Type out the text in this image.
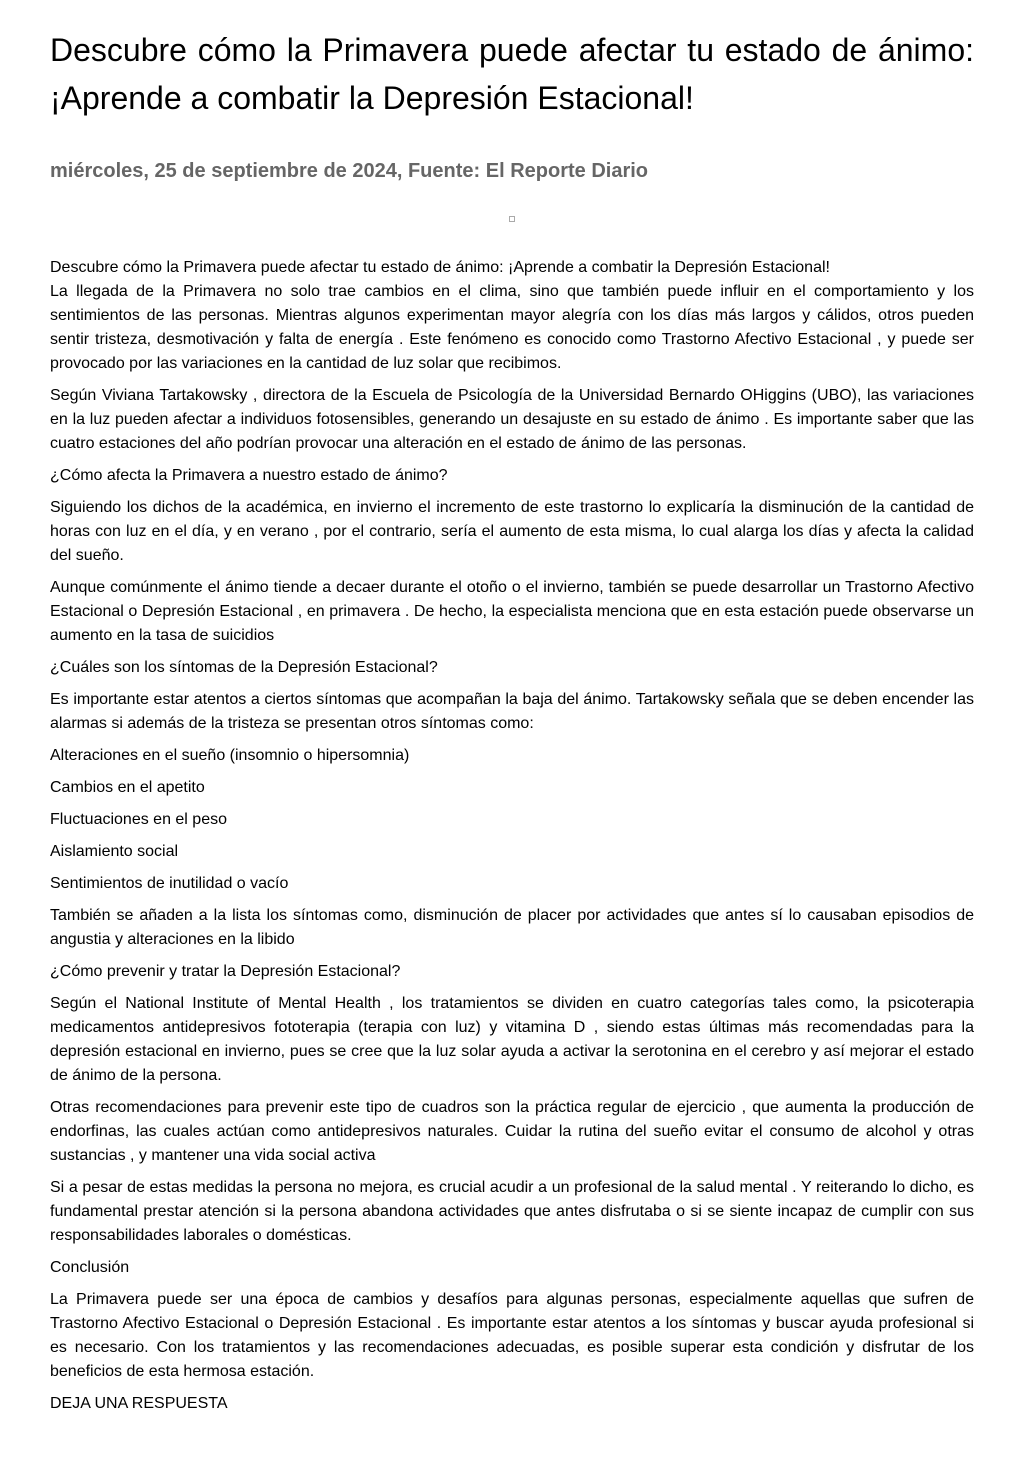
Descubre cómo la Primavera puede afectar tu estado de ánimo: ¡Aprende a combatir la Depresión Estacional!
miércoles, 25 de septiembre de 2024, Fuente: El Reporte Diario

Descubre cómo la Primavera puede afectar tu estado de ánimo: ¡Aprende a combatir la Depresión Estacional!

La llegada de la Primavera no solo trae cambios en el clima, sino que también puede influir en el comportamiento y los sentimientos de las personas. Mientras algunos experimentan mayor alegría con los días más largos y cálidos, otros pueden sentir tristeza, desmotivación y falta de energía . Este fenómeno es conocido como Trastorno Afectivo Estacional , y puede ser provocado por las variaciones en la cantidad de luz solar que recibimos.

Según Viviana Tartakowsky , directora de la Escuela de Psicología de la Universidad Bernardo OHiggins (UBO), las variaciones en la luz pueden afectar a individuos fotosensibles, generando un desajuste en su estado de ánimo . Es importante saber que las cuatro estaciones del año podrían provocar una alteración en el estado de ánimo de las personas.

¿Cómo afecta la Primavera a nuestro estado de ánimo?

Siguiendo los dichos de la académica, en invierno el incremento de este trastorno lo explicaría la disminución de la cantidad de horas con luz en el día, y en verano , por el contrario, sería el aumento de esta misma, lo cual alarga los días y afecta la calidad del sueño.

Aunque comúnmente el ánimo tiende a decaer durante el otoño o el invierno, también se puede desarrollar un Trastorno Afectivo Estacional o Depresión Estacional , en primavera . De hecho, la especialista menciona que en esta estación puede observarse un aumento en la tasa de suicidios

¿Cuáles son los síntomas de la Depresión Estacional?

Es importante estar atentos a ciertos síntomas que acompañan la baja del ánimo. Tartakowsky señala que se deben encender las alarmas si además de la tristeza se presentan otros síntomas como:

Alteraciones en el sueño (insomnio o hipersomnia)

Cambios en el apetito

Fluctuaciones en el peso

Aislamiento social

Sentimientos de inutilidad o vacío

También se añaden a la lista los síntomas como, disminución de placer por actividades que antes sí lo causaban episodios de angustia y alteraciones en la libido

¿Cómo prevenir y tratar la Depresión Estacional?

Según el National Institute of Mental Health , los tratamientos se dividen en cuatro categorías tales como, la psicoterapia medicamentos antidepresivos fototerapia (terapia con luz) y vitamina D , siendo estas últimas más recomendadas para la depresión estacional en invierno, pues se cree que la luz solar ayuda a activar la serotonina en el cerebro y así mejorar el estado de ánimo de la persona.

Otras recomendaciones para prevenir este tipo de cuadros son la práctica regular de ejercicio , que aumenta la producción de endorfinas, las cuales actúan como antidepresivos naturales. Cuidar la rutina del sueño evitar el consumo de alcohol y otras sustancias , y mantener una vida social activa

Si a pesar de estas medidas la persona no mejora, es crucial acudir a un profesional de la salud mental . Y reiterando lo dicho, es fundamental prestar atención si la persona abandona actividades que antes disfrutaba o si se siente incapaz de cumplir con sus responsabilidades laborales o domésticas.

Conclusión

La Primavera puede ser una época de cambios y desafíos para algunas personas, especialmente aquellas que sufren de Trastorno Afectivo Estacional o Depresión Estacional . Es importante estar atentos a los síntomas y buscar ayuda profesional si es necesario. Con los tratamientos y las recomendaciones adecuadas, es posible superar esta condición y disfrutar de los beneficios de esta hermosa estación.

DEJA UNA RESPUESTA
